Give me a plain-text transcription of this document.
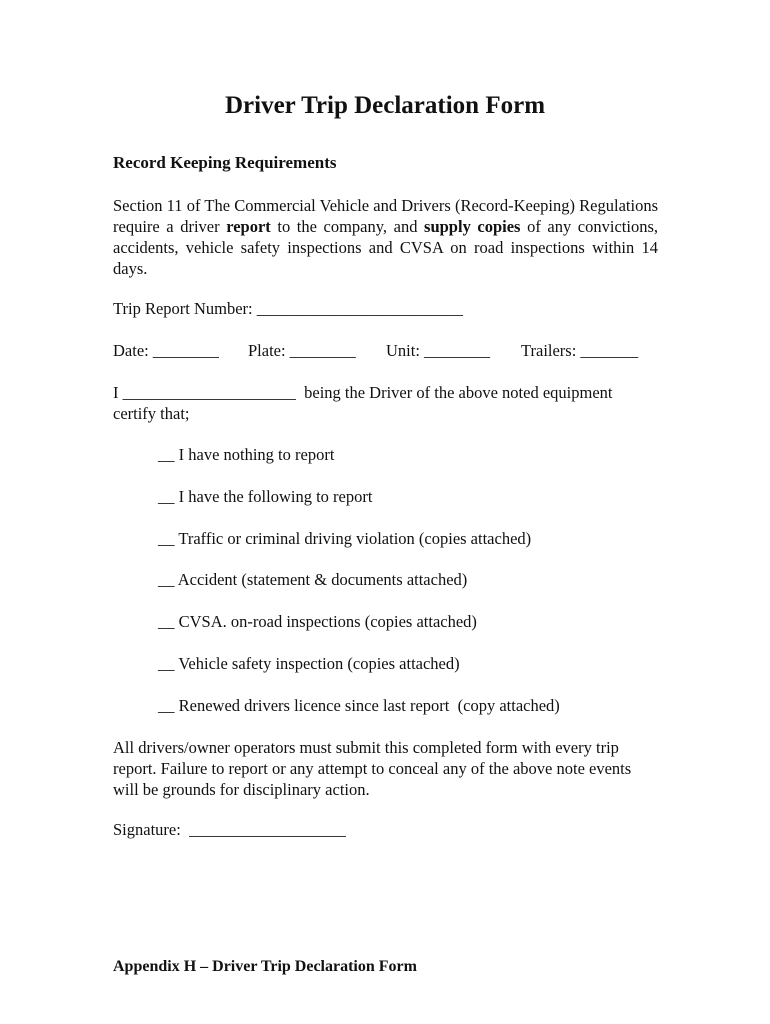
Driver Trip Declaration Form
Record Keeping Requirements
Section 11 of The Commercial Vehicle and Drivers (Record-Keeping) Regulations require a driver report to the company, and supply copies of any convictions, accidents, vehicle safety inspections and CVSA on road inspections within 14 days.
Trip Report Number: _________________________
Date: ________ Plate: ________ Unit: ________ Trailers: _______
I _____________________  being the Driver of the above noted equipment
certify that;
__ I have nothing to report
__ I have the following to report
__ Traffic or criminal driving violation (copies attached)
__ Accident (statement & documents attached)
__ CVSA. on-road inspections (copies attached)
__ Vehicle safety inspection (copies attached)
__ Renewed drivers licence since last report  (copy attached)
All drivers/owner operators must submit this completed form with every trip report. Failure to report or any attempt to conceal any of the above note events will be grounds for disciplinary action.
Signature:  ___________________
Appendix H – Driver Trip Declaration Form
